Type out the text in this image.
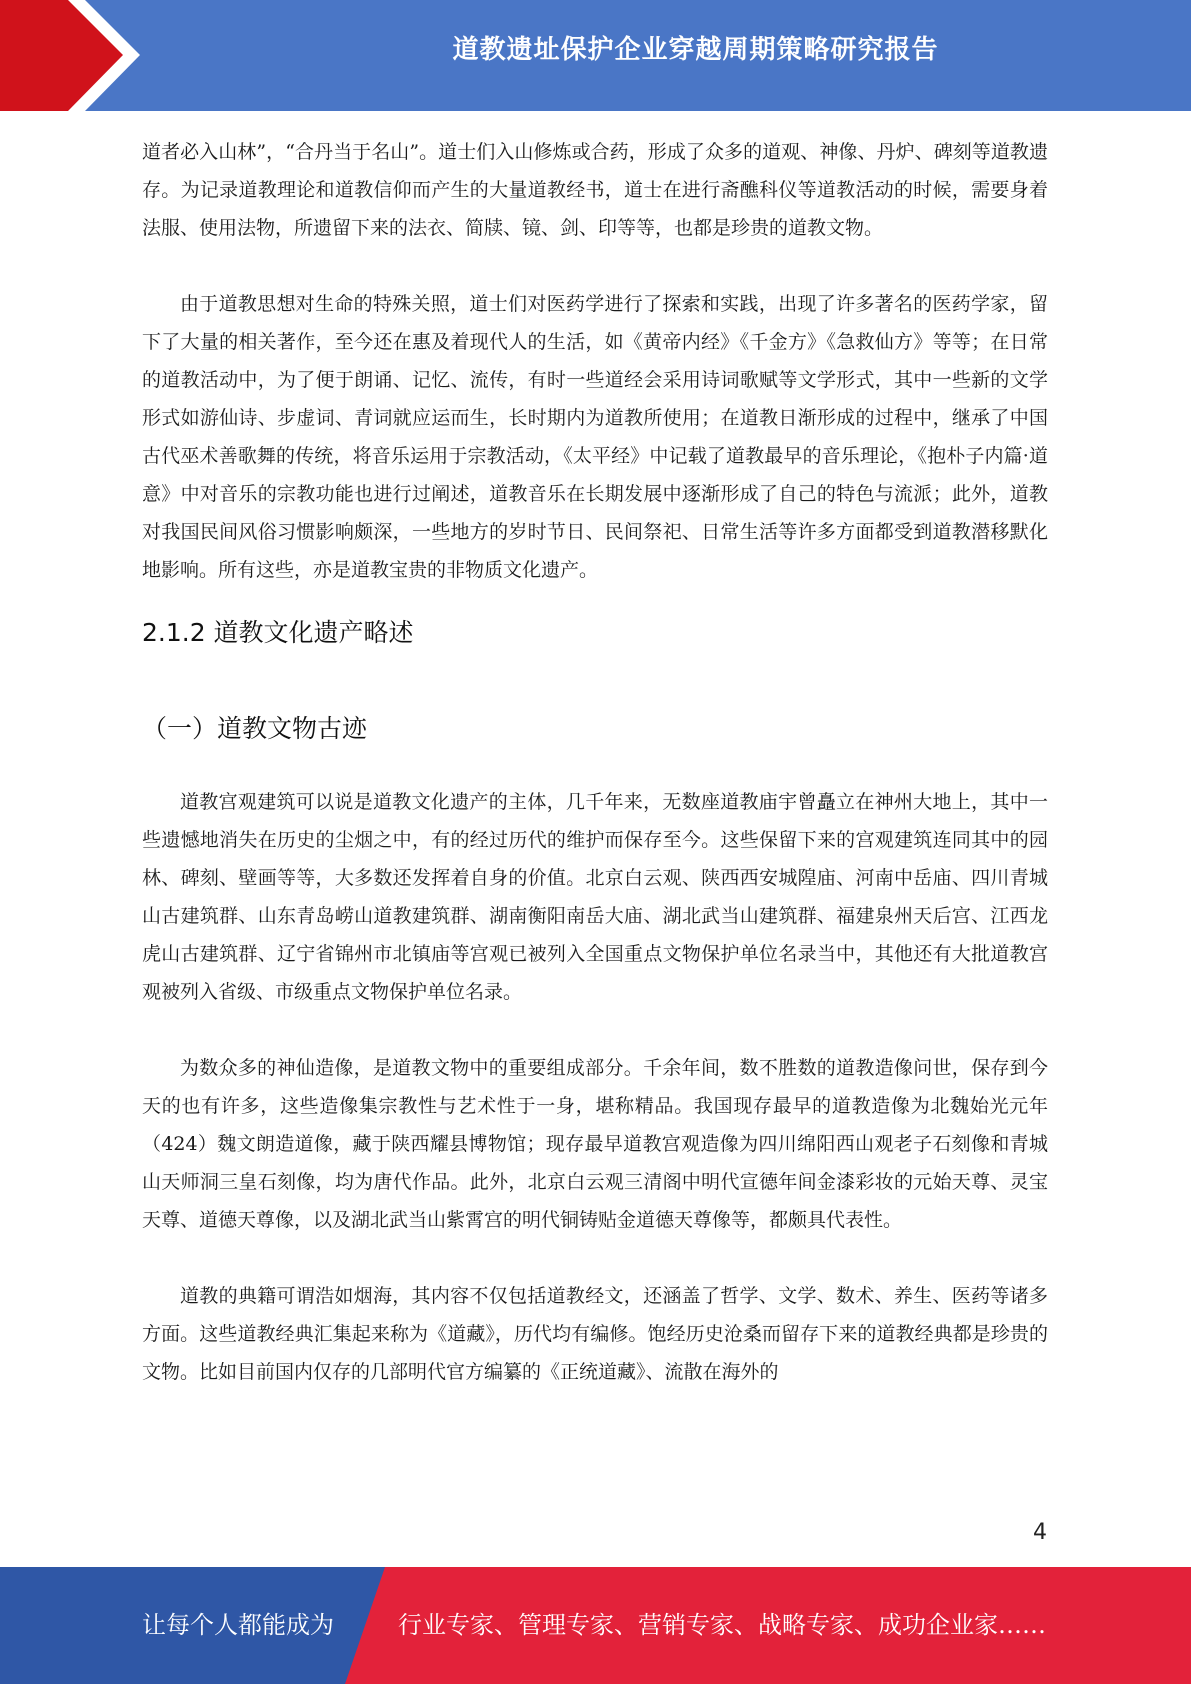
道教遗址保护企业穿越周期策略研究报告

道者必入山林”，“合丹当于名山”。道士们入山修炼或合药，形成了众多的道观、神像、丹炉、碑刻等道教遗存。为记录道教理论和道教信仰而产生的大量道教经书，道士在进行斋醮科仪等道教活动的时候，需要身着法服、使用法物，所遗留下来的法衣、简牍、镜、剑、印等等，也都是珍贵的道教文物。

由于道教思想对生命的特殊关照，道士们对医药学进行了探索和实践，出现了许多著名的医药学家，留下了大量的相关著作，至今还在惠及着现代人的生活，如《黄帝内经》《千金方》《急救仙方》等等；在日常的道教活动中，为了便于朗诵、记忆、流传，有时一些道经会采用诗词歌赋等文学形式，其中一些新的文学形式如游仙诗、步虚词、青词就应运而生，长时期内为道教所使用；在道教日渐形成的过程中，继承了中国古代巫术善歌舞的传统，将音乐运用于宗教活动，《太平经》中记载了道教最早的音乐理论，《抱朴子内篇·道意》中对音乐的宗教功能也进行过阐述，道教音乐在长期发展中逐渐形成了自己的特色与流派；此外，道教对我国民间风俗习惯影响颇深，一些地方的岁时节日、民间祭祀、日常生活等许多方面都受到道教潜移默化地影响。所有这些，亦是道教宝贵的非物质文化遗产。

2.1.2 道教文化遗产略述
（一）道教文物古迹

道教宫观建筑可以说是道教文化遗产的主体，几千年来，无数座道教庙宇曾矗立在神州大地上，其中一些遗憾地消失在历史的尘烟之中，有的经过历代的维护而保存至今。这些保留下来的宫观建筑连同其中的园林、碑刻、壁画等等，大多数还发挥着自身的价值。北京白云观、陕西西安城隍庙、河南中岳庙、四川青城山古建筑群、山东青岛崂山道教建筑群、湖南衡阳南岳大庙、湖北武当山建筑群、福建泉州天后宫、江西龙虎山古建筑群、辽宁省锦州市北镇庙等宫观已被列入全国重点文物保护单位名录当中，其他还有大批道教宫观被列入省级、市级重点文物保护单位名录。

为数众多的神仙造像，是道教文物中的重要组成部分。千余年间，数不胜数的道教造像问世，保存到今天的也有许多，这些造像集宗教性与艺术性于一身，堪称精品。我国现存最早的道教造像为北魏始光元年（424）魏文朗造道像，藏于陕西耀县博物馆；现存最早道教宫观造像为四川绵阳西山观老子石刻像和青城山天师洞三皇石刻像，均为唐代作品。此外，北京白云观三清阁中明代宣德年间金漆彩妆的元始天尊、灵宝天尊、道德天尊像，以及湖北武当山紫霄宫的明代铜铸贴金道德天尊像等，都颇具代表性。

道教的典籍可谓浩如烟海，其内容不仅包括道教经文，还涵盖了哲学、文学、数术、养生、医药等诸多方面。这些道教经典汇集起来称为《道藏》，历代均有编修。饱经历史沧桑而留存下来的道教经典都是珍贵的文物。比如目前国内仅存的几部明代官方编纂的《正统道藏》、流散在海外的

4
让每个人都能成为	行业专家、管理专家、营销专家、战略专家、成功企业家……
